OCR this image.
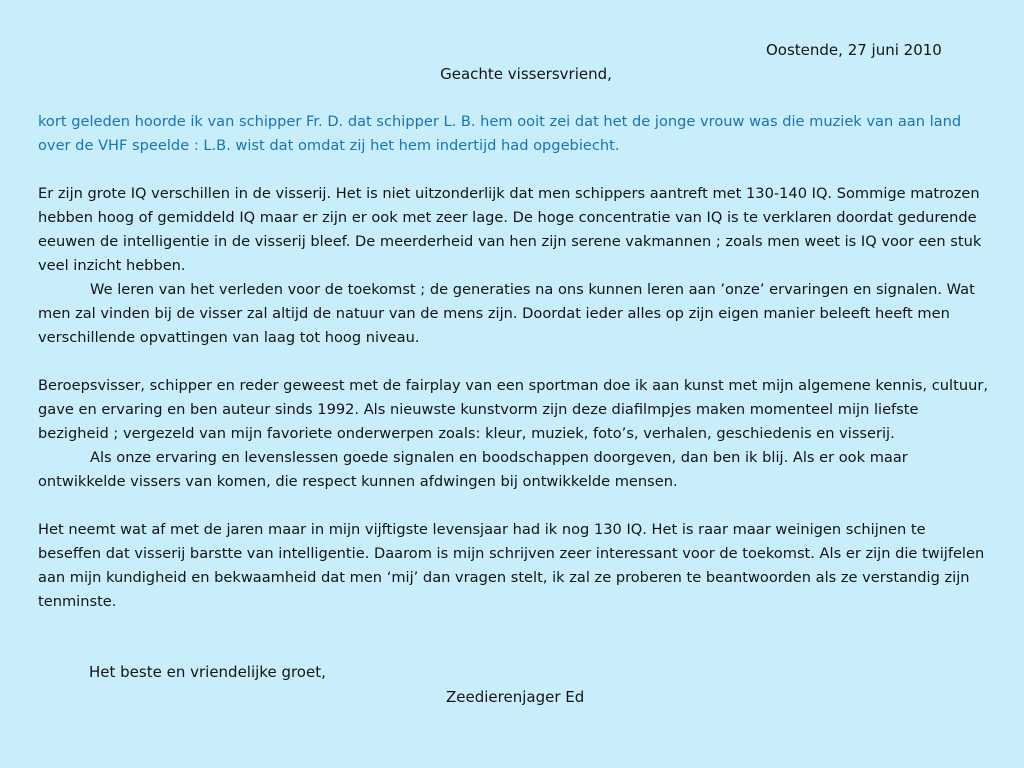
Oostende, 27 juni 2010
Geachte vissersvriend,

kort geleden hoorde ik van schipper Fr. D. dat schipper L. B. hem ooit zei dat het de jonge vrouw was die muziek van aan land over de VHF speelde : L.B. wist dat omdat zij het hem indertijd had opgebiecht.

Er zijn grote IQ verschillen in de visserij. Het is niet uitzonderlijk dat men schippers aantreft met 130-140 IQ. Sommige matrozen hebben hoog of gemiddeld IQ maar er zijn er ook met zeer lage. De hoge concentratie van IQ is te verklaren doordat gedurende eeuwen de intelligentie in de visserij bleef. De meerderheid van hen zijn serene vakmannen ; zoals men weet is IQ voor een stuk veel inzicht hebben.

We leren van het verleden voor de toekomst ; de generaties na ons kunnen leren aan ’onze’ ervaringen en signalen. Wat men zal vinden bij de visser zal altijd de natuur van de mens zijn. Doordat ieder alles op zijn eigen manier beleeft heeft men verschillende opvattingen van laag tot hoog niveau.

Beroepsvisser, schipper en reder geweest met de fairplay van een sportman doe ik aan kunst met mijn algemene kennis, cultuur, gave en ervaring en ben auteur sinds 1992. Als nieuwste kunstvorm zijn deze diafilmpjes maken momenteel mijn liefste bezigheid ; vergezeld van mijn favoriete onderwerpen zoals: kleur, muziek, foto’s, verhalen, geschiedenis en visserij.

Als onze ervaring en levenslessen goede signalen en boodschappen doorgeven, dan ben ik blij. Als er ook maar ontwikkelde vissers van komen, die respect kunnen afdwingen bij ontwikkelde mensen.

Het neemt wat af met de jaren maar in mijn vijftigste levensjaar had ik nog 130 IQ. Het is raar maar weinigen schijnen te beseffen dat visserij barstte van intelligentie. Daarom is mijn schrijven zeer interessant voor de toekomst. Als er zijn die twijfelen aan mijn kundigheid en bekwaamheid dat men ‘mij’ dan vragen stelt, ik zal ze proberen te beantwoorden als ze verstandig zijn tenminste.

Het beste en vriendelijke groet,
Zeedierenjager Ed
